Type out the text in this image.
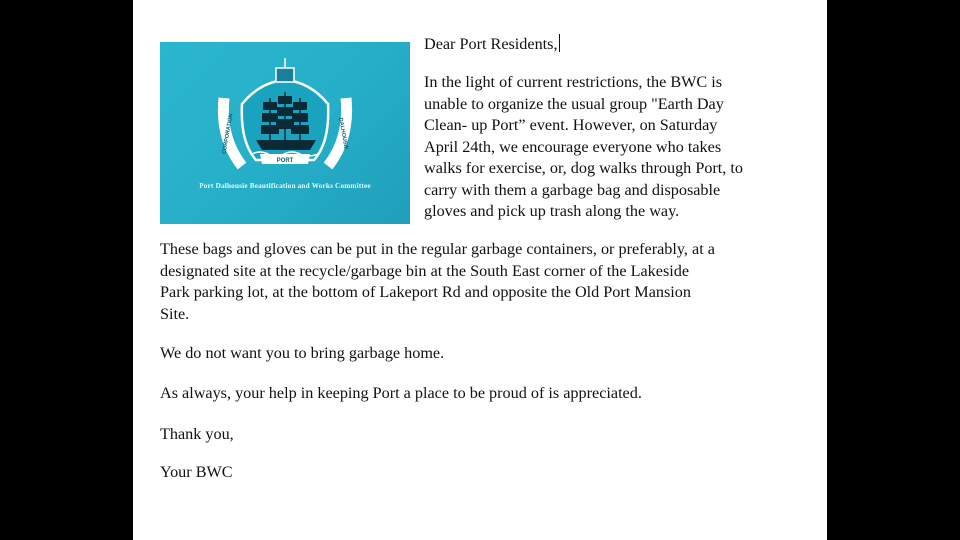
CORPORATION	DALHOUSIE
PORT
Port Dalhousie Beautification and Works Committee

Dear Port Residents,

In the light of current restrictions, the BWC is
unable to organize the usual group "Earth Day
Clean- up Port” event. However, on Saturday
April 24th, we encourage everyone who takes
walks for exercise, or, dog walks through Port, to
carry with them a garbage bag and disposable
gloves and pick up trash along the way.
These bags and gloves can be put in the regular garbage containers, or preferably, at a
designated site at the recycle/garbage bin at the South East corner of the Lakeside
Park parking lot, at the bottom of Lakeport Rd and opposite the Old Port Mansion
Site.

We do not want you to bring garbage home.

As always, your help in keeping Port a place to be proud of is appreciated.

Thank you,

Your BWC
